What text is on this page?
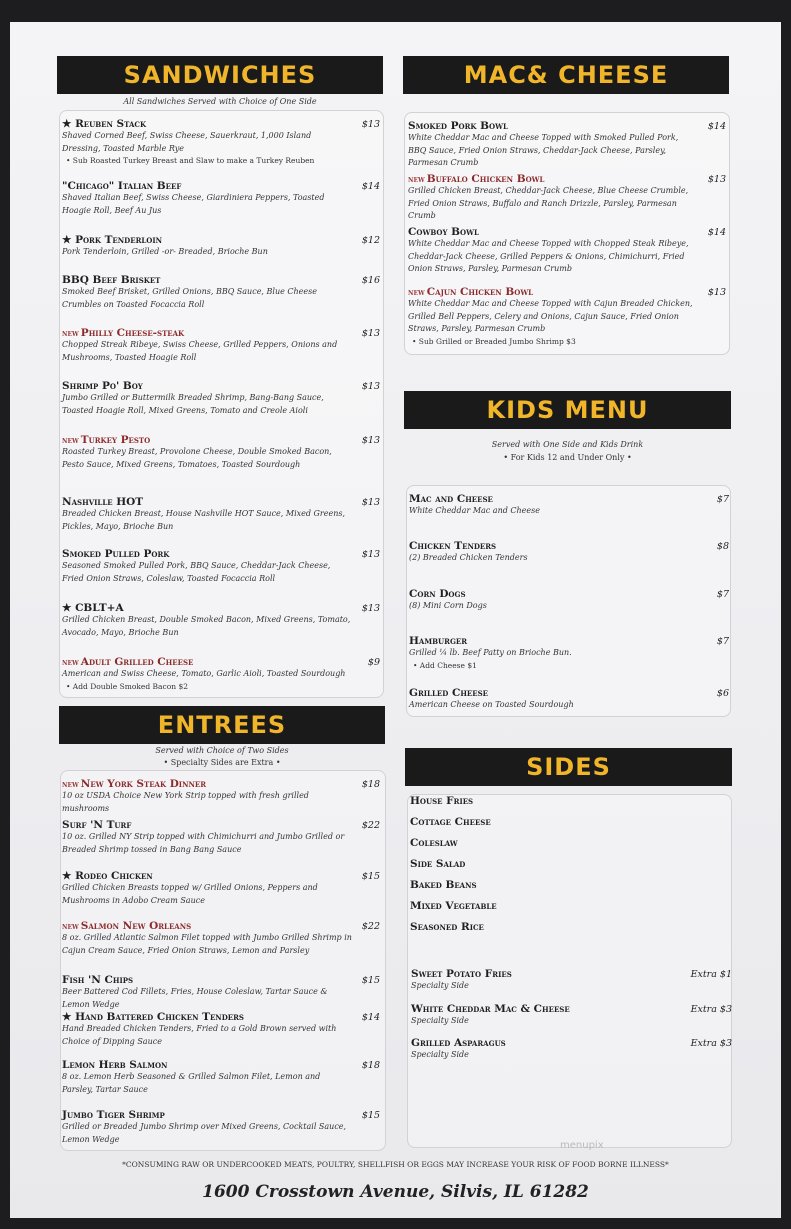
SANDWICHES
All Sandwiches Served with Choice of One Side
MAC& CHEESE
KIDS MENU
Served with One Side and Kids Drink
• For Kids 12 and Under Only •
ENTREES
Served with Choice of Two Sides
• Specialty Sides are Extra •	SIDES
★ Reuben Stack
Shaved Corned Beef, Swiss Cheese, Sauerkraut, 1,000 Island Dressing, Toasted Marble Rye
• Sub Roasted Turkey Breast and Slaw to make a Turkey Reuben
$13
"Chicago" Italian Beef
Shaved Italian Beef, Swiss Cheese, Giardiniera Peppers, Toasted Hoagie Roll, Beef Au Jus
$14
★ Pork Tenderloin
Pork Tenderloin, Grilled -or- Breaded, Brioche Bun
$12
BBQ Beef Brisket
Smoked Beef Brisket, Grilled Onions, BBQ Sauce, Blue Cheese Crumbles on Toasted Focaccia Roll
$16
NEW Philly Cheese-steak
Chopped Streak Ribeye, Swiss Cheese, Grilled Peppers, Onions and Mushrooms, Toasted Hoagie Roll
$13
Shrimp Po' Boy
Jumbo Grilled or Buttermilk Breaded Shrimp, Bang-Bang Sauce, Toasted Hoagie Roll, Mixed Greens, Tomato and Creole Aioli
$13
NEW Turkey Pesto
Roasted Turkey Breast, Provolone Cheese, Double Smoked Bacon, Pesto Sauce, Mixed Greens, Tomatoes, Toasted Sourdough
$13
Nashville HOT
Breaded Chicken Breast, House Nashville HOT Sauce, Mixed Greens, Pickles, Mayo, Brioche Bun
$13
Smoked Pulled Pork
Seasoned Smoked Pulled Pork, BBQ Sauce, Cheddar-Jack Cheese, Fried Onion Straws, Coleslaw, Toasted Focaccia Roll
$13
★ CBLT+A
Grilled Chicken Breast, Double Smoked Bacon, Mixed Greens, Tomato, Avocado, Mayo, Brioche Bun
$13
NEW Adult Grilled Cheese
American and Swiss Cheese, Tomato, Garlic Aioli, Toasted Sourdough
• Add Double Smoked Bacon $2
$9
Smoked Pork Bowl
White Cheddar Mac and Cheese Topped with Smoked Pulled Pork, BBQ Sauce, Fried Onion Straws, Cheddar-Jack Cheese, Parsley, Parmesan Crumb
$14
NEW Buffalo Chicken Bowl
Grilled Chicken Breast, Cheddar-Jack Cheese, Blue Cheese Crumble, Fried Onion Straws, Buffalo and Ranch Drizzle, Parsley, Parmesan Crumb
$13
Cowboy Bowl
White Cheddar Mac and Cheese Topped with Chopped Steak Ribeye, Cheddar-Jack Cheese, Grilled Peppers & Onions, Chimichurri, Fried Onion Straws, Parsley, Parmesan Crumb
$14
NEW Cajun Chicken Bowl
White Cheddar Mac and Cheese Topped with Cajun Breaded Chicken, Grilled Bell Peppers, Celery and Onions, Cajun Sauce, Fried Onion Straws, Parsley, Parmesan Crumb
• Sub Grilled or Breaded Jumbo Shrimp $3
$13
Mac and Cheese
White Cheddar Mac and Cheese
$7
Chicken Tenders
(2) Breaded Chicken Tenders
$8
Corn Dogs
(8) Mini Corn Dogs
$7
Hamburger
Grilled ¼ lb. Beef Patty on Brioche Bun.
• Add Cheese $1
$7
Grilled Cheese
American Cheese on Toasted Sourdough
$6
NEW New York Steak Dinner
10 oz USDA Choice New York Strip topped with fresh grilled mushrooms
$18
Surf 'N Turf
10 oz. Grilled NY Strip topped with Chimichurri and Jumbo Grilled or Breaded Shrimp tossed in Bang Bang Sauce
$22
★ Rodeo Chicken
Grilled Chicken Breasts topped w/ Grilled Onions, Peppers and Mushrooms in Adobo Cream Sauce
$15
NEW Salmon New Orleans
8 oz. Grilled Atlantic Salmon Filet topped with Jumbo Grilled Shrimp in Cajun Cream Sauce, Fried Onion Straws, Lemon and Parsley
$22
Fish 'N Chips
Beer Battered Cod Fillets, Fries, House Coleslaw, Tartar Sauce & Lemon Wedge
$15
★ Hand Battered Chicken Tenders
Hand Breaded Chicken Tenders, Fried to a Gold Brown served with Choice of Dipping Sauce
$14
Lemon Herb Salmon
8 oz. Lemon Herb Seasoned & Grilled Salmon Filet, Lemon and Parsley, Tartar Sauce
$18
Jumbo Tiger Shrimp
Grilled or Breaded Jumbo Shrimp over Mixed Greens, Cocktail Sauce, Lemon Wedge
$15
House Fries
Cottage Cheese
Coleslaw
Side Salad
Baked Beans
Mixed Vegetable
Seasoned Rice
Sweet Potato Fries
Specialty Side
Extra $1
White Cheddar Mac & Cheese
Specialty Side
Extra $3
Grilled Asparagus
Specialty Side
Extra $3
menupix
*CONSUMING RAW OR UNDERCOOKED MEATS, POULTRY, SHELLFISH OR EGGS MAY INCREASE YOUR RISK OF FOOD BORNE ILLNESS*
1600 Crosstown Avenue, Silvis, IL 61282
